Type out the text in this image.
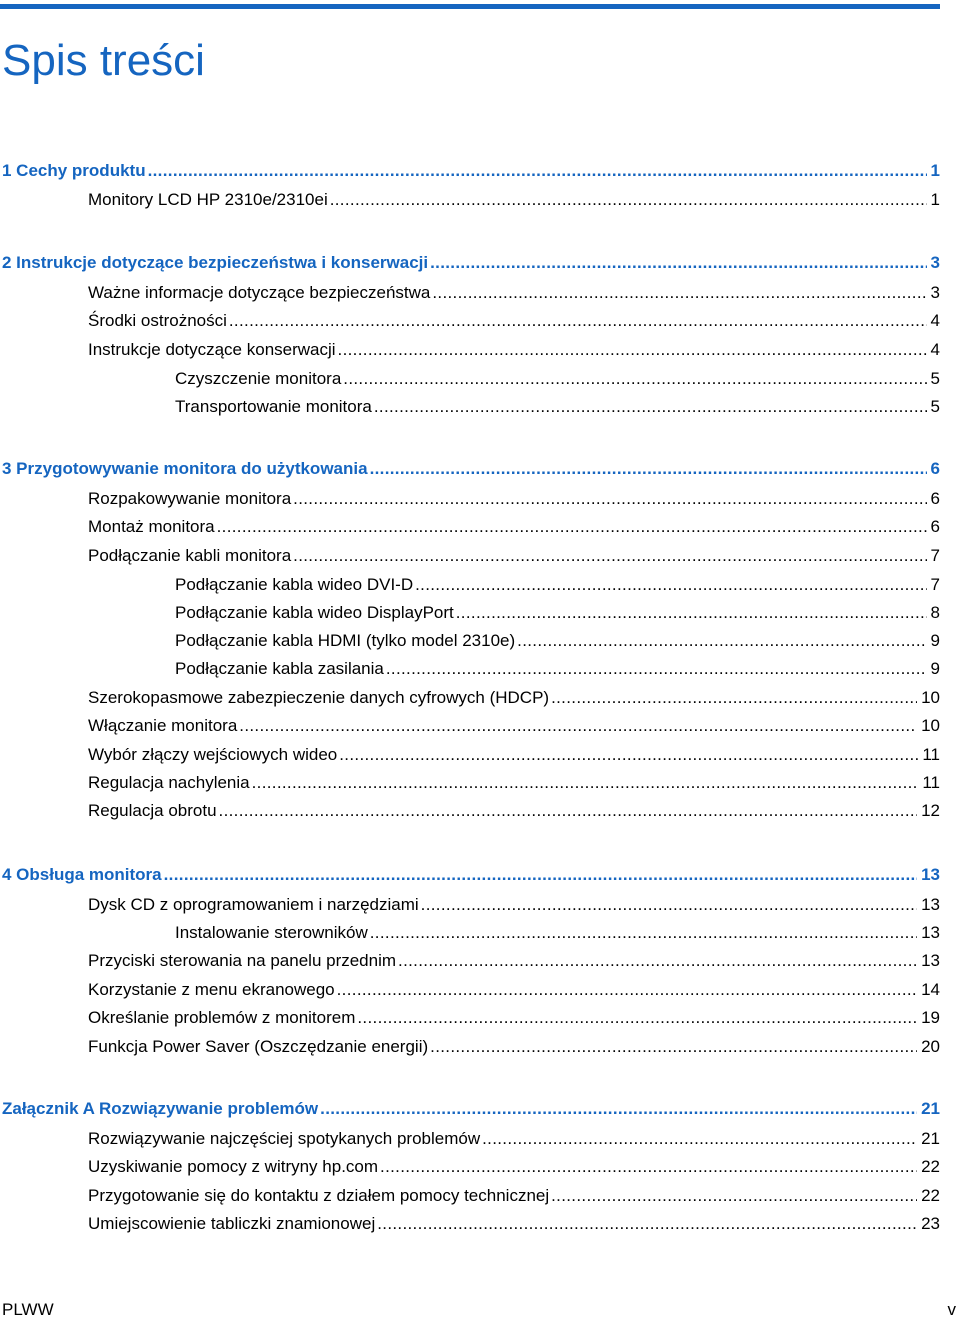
Spis treści
1 Cechy produktu . . .	1
Monitory LCD HP 2310e/2310ei . . .	1
2 Instrukcje dotyczące bezpieczeństwa i konserwacji . . .	3
Ważne informacje dotyczące bezpieczeństwa . . .	3
Środki ostrożności . . .	4
Instrukcje dotyczące konserwacji . . .	4
Czyszczenie monitora . . .	5
Transportowanie monitora . . .	5
3 Przygotowywanie monitora do użytkowania . . .	6
Rozpakowywanie monitora . . .	6
Montaż monitora . . .	6
Podłączanie kabli monitora . . .	7
Podłączanie kabla wideo DVI-D . . .	7
Podłączanie kabla wideo DisplayPort . . .	8
Podłączanie kabla HDMI (tylko model 2310e) . . .	9
Podłączanie kabla zasilania . . .	9
Szerokopasmowe zabezpieczenie danych cyfrowych (HDCP) . . .	10
Włączanie monitora . . .	10
Wybór złączy wejściowych wideo . . .	11
Regulacja nachylenia . . .	11
Regulacja obrotu . . .	12
4 Obsługa monitora . . .	13
Dysk CD z oprogramowaniem i narzędziami . . .	13
Instalowanie sterowników . . .	13
Przyciski sterowania na panelu przednim . . .	13
Korzystanie z menu ekranowego . . .	14
Określanie problemów z monitorem . . .	19
Funkcja Power Saver (Oszczędzanie energii) . . .	20
Załącznik A Rozwiązywanie problemów . . .	21
Rozwiązywanie najczęściej spotykanych problemów . . .	21
Uzyskiwanie pomocy z witryny hp.com . . .	22
Przygotowanie się do kontaktu z działem pomocy technicznej . . .	22
Umiejscowienie tabliczki znamionowej . . .	23
PLWW	v
